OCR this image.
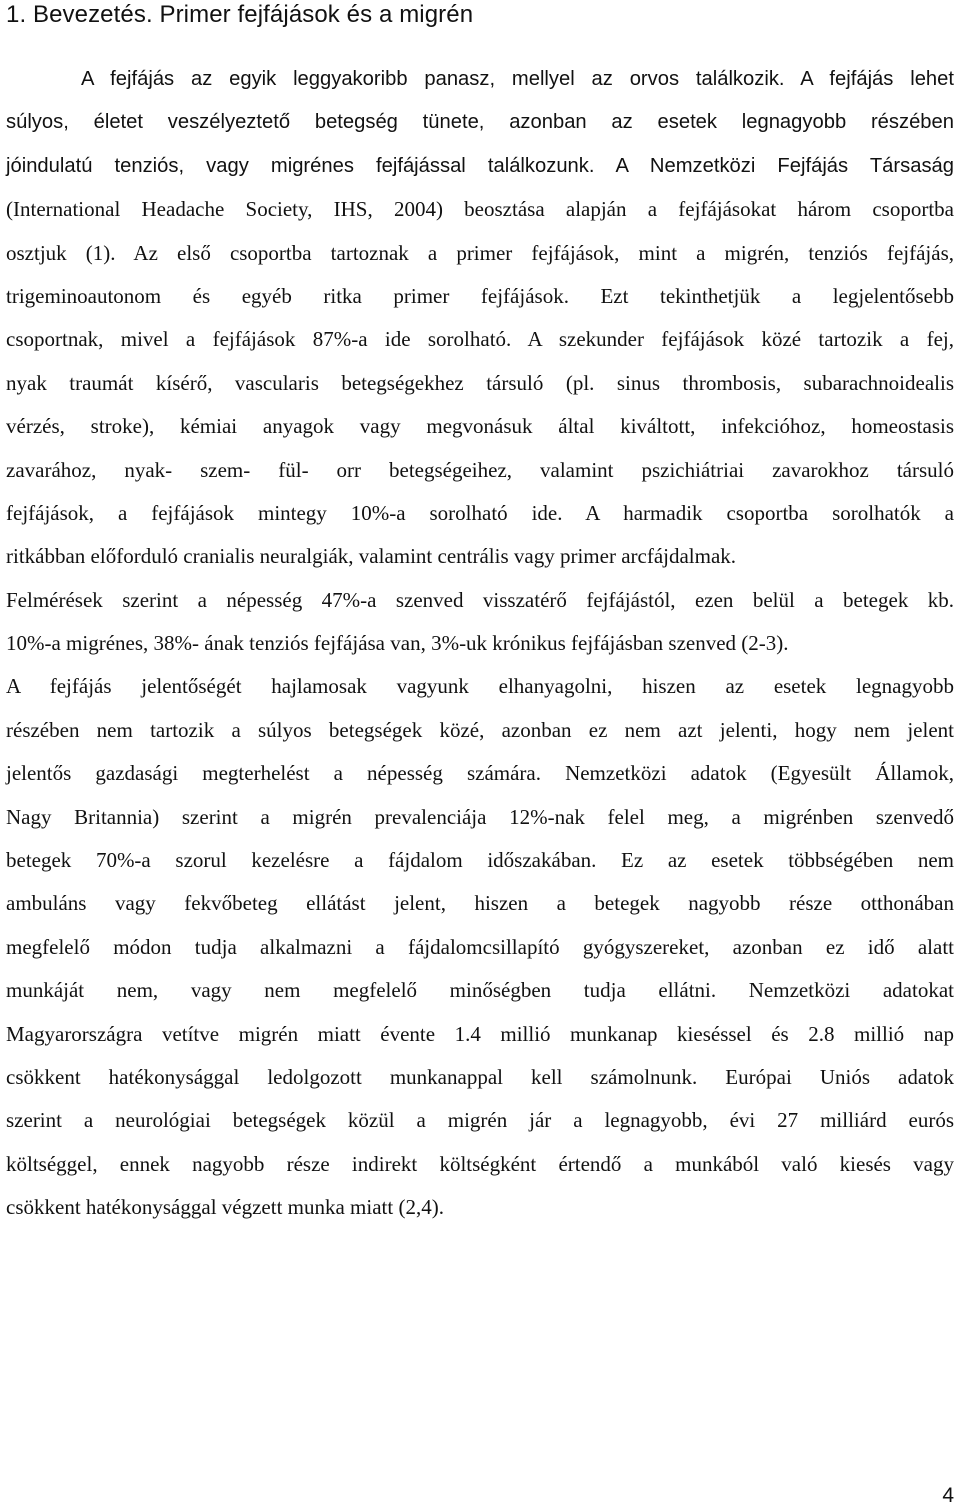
1. Bevezetés. Primer fejfájások és a migrén
A fejfájás az egyik leggyakoribb panasz, mellyel az orvos találkozik. A fejfájás lehet
súlyos, életet veszélyeztető betegség tünete, azonban az esetek legnagyobb részében
jóindulatú tenziós, vagy migrénes fejfájással találkozunk. A Nemzetközi Fejfájás Társaság
(International Headache Society, IHS, 2004) beosztása alapján a fejfájásokat három csoportba
osztjuk (1). Az első csoportba tartoznak a primer fejfájások, mint a migrén, tenziós fejfájás,
trigeminoautonom és egyéb ritka primer fejfájások. Ezt tekinthetjük a legjelentősebb
csoportnak, mivel a fejfájások 87%-a ide sorolható. A szekunder fejfájások közé tartozik a fej,
nyak traumát kísérő, vascularis betegségekhez társuló (pl. sinus thrombosis, subarachnoidealis
vérzés, stroke), kémiai anyagok vagy megvonásuk által kiváltott, infekcióhoz, homeostasis
zavarához, nyak- szem- fül- orr betegségeihez, valamint pszichiátriai zavarokhoz társuló
fejfájások, a fejfájások mintegy 10%-a sorolható ide. A harmadik csoportba sorolhatók a
ritkábban előforduló cranialis neuralgiák, valamint centrális vagy primer arcfájdalmak.
Felmérések szerint a népesség 47%-a szenved visszatérő fejfájástól, ezen belül a betegek kb.
10%-a migrénes, 38%- ának tenziós fejfájása van, 3%-uk krónikus fejfájásban szenved (2-3).
A fejfájás jelentőségét hajlamosak vagyunk elhanyagolni, hiszen az esetek legnagyobb
részében nem tartozik a súlyos betegségek közé, azonban ez nem azt jelenti, hogy nem jelent
jelentős gazdasági megterhelést a népesség számára. Nemzetközi adatok (Egyesült Államok,
Nagy Britannia) szerint a migrén prevalenciája 12%-nak felel meg, a migrénben szenvedő
betegek 70%-a szorul kezelésre a fájdalom időszakában. Ez az esetek többségében nem
ambuláns vagy fekvőbeteg ellátást jelent, hiszen a betegek nagyobb része otthonában
megfelelő módon tudja alkalmazni a fájdalomcsillapító gyógyszereket, azonban ez idő alatt
munkáját nem, vagy nem megfelelő minőségben tudja ellátni. Nemzetközi adatokat
Magyarországra vetítve migrén miatt évente 1.4 millió munkanap kieséssel és 2.8 millió nap
csökkent hatékonysággal ledolgozott munkanappal kell számolnunk. Európai Uniós adatok
szerint a neurológiai betegségek közül a migrén jár a legnagyobb, évi 27 milliárd eurós
költséggel, ennek nagyobb része indirekt költségként értendő a munkából való kiesés vagy
csökkent hatékonysággal végzett munka miatt (2,4).
4
